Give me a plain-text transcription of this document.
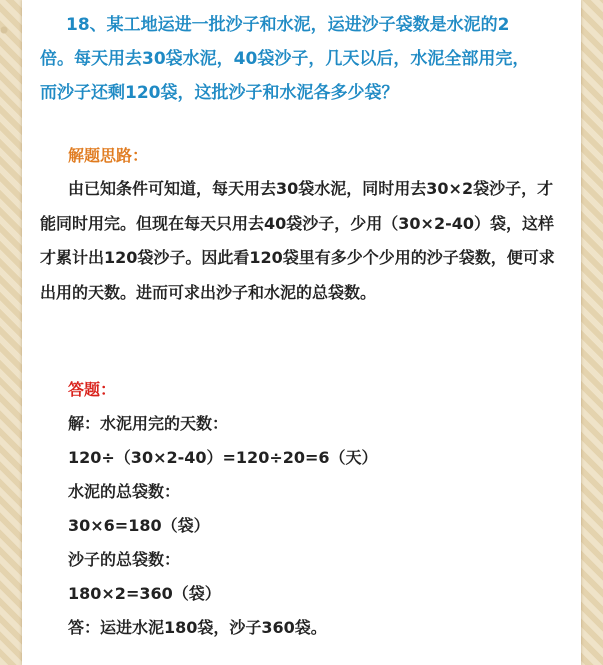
18、某工地运进一批沙子和水泥，运进沙子袋数是水泥的2
倍。每天用去30袋水泥，40袋沙子，几天以后，水泥全部用完，
而沙子还剩120袋，这批沙子和水泥各多少袋？

解题思路：

由已知条件可知道，每天用去30袋水泥，同时用去30×2袋沙子，才能同时用完。但现在每天只用去40袋沙子，少用（30×2-40）袋，这样才累计出120袋沙子。因此看120袋里有多少个少用的沙子袋数，便可求出用的天数。进而可求出沙子和水泥的总袋数。

答题：

解：水泥用完的天数：
120÷（30×2-40）=120÷20=6（天）
水泥的总袋数：
30×6=180（袋）
沙子的总袋数：
180×2=360（袋）
答：运进水泥180袋，沙子360袋。
